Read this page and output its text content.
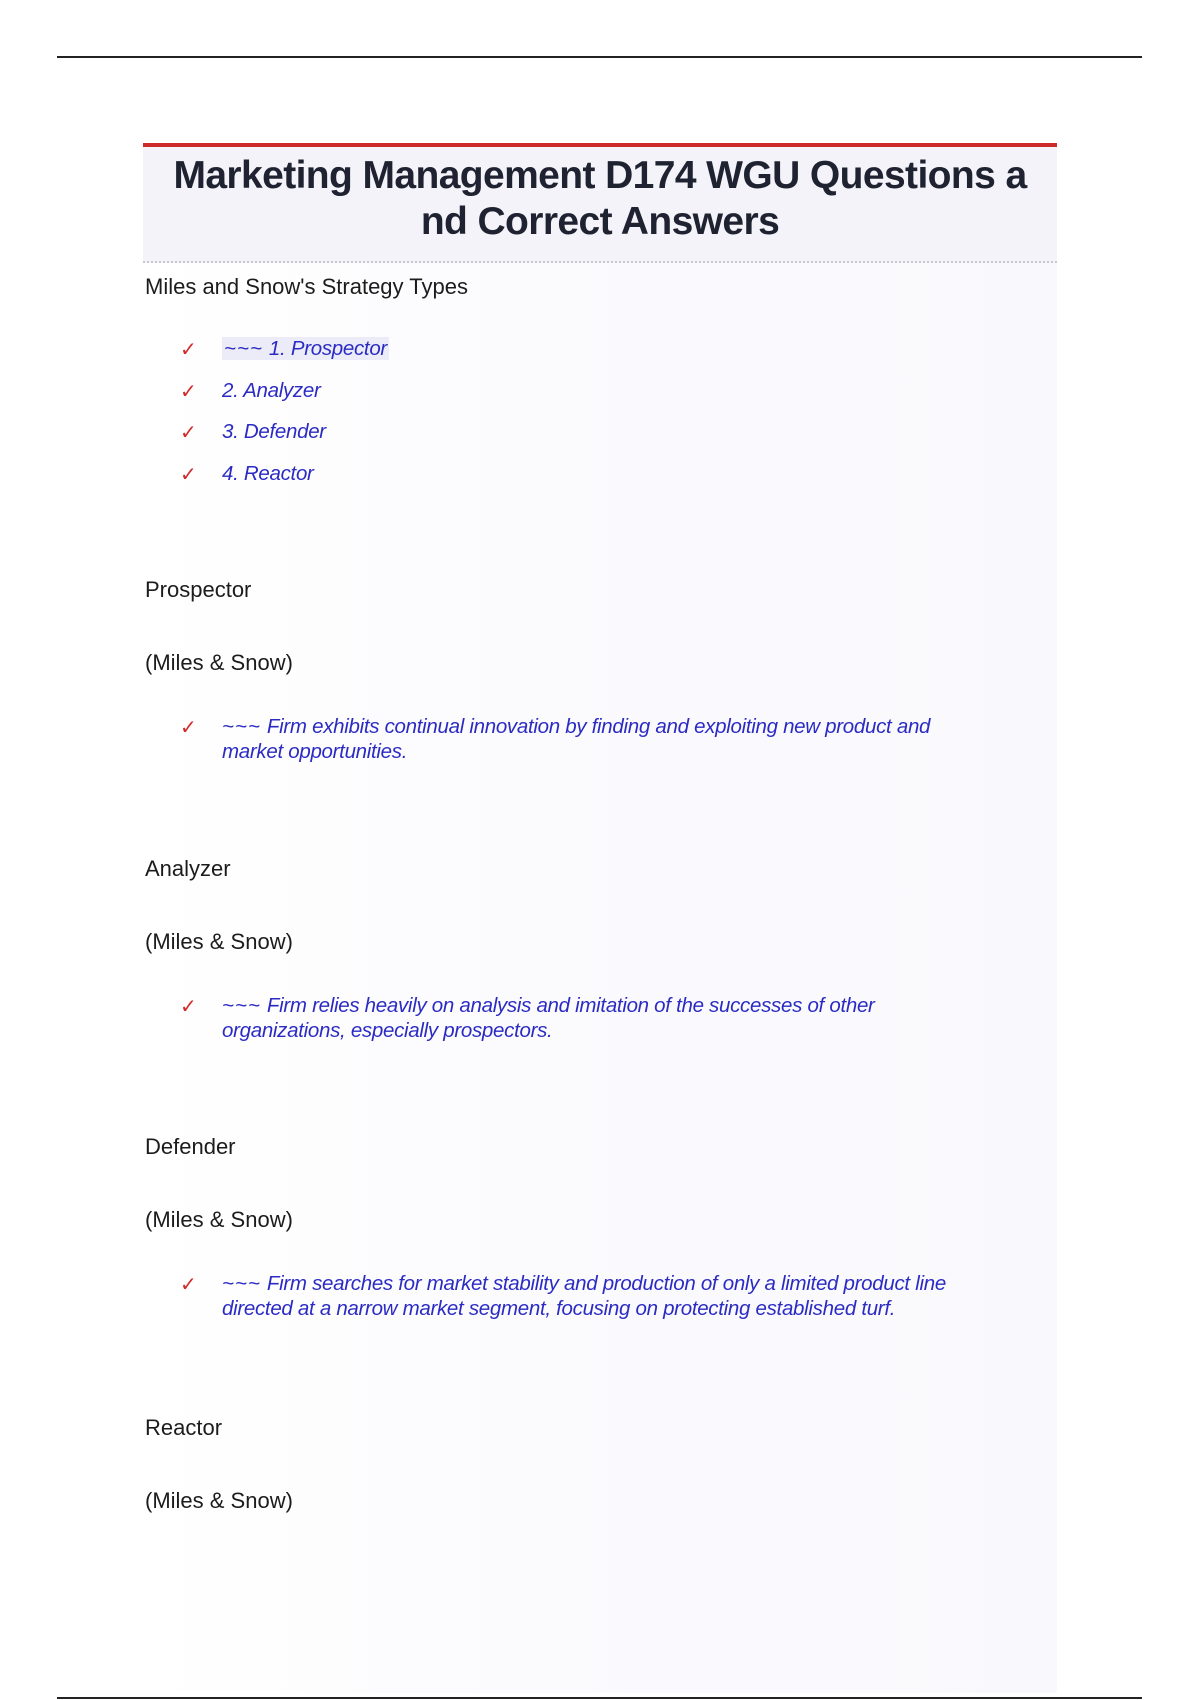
Marketing Management D174 WGU Questions a
nd Correct Answers

Miles and Snow's Strategy Types

✓ ~~~ 1. Prospector
✓ 2. Analyzer
✓ 3. Defender
✓ 4. Reactor

Prospector

(Miles & Snow)

✓ ~~~ Firm exhibits continual innovation by finding and exploiting new product and
market opportunities.

Analyzer

(Miles & Snow)

✓ ~~~ Firm relies heavily on analysis and imitation of the successes of other
organizations, especially prospectors.

Defender

(Miles & Snow)

✓ ~~~ Firm searches for market stability and production of only a limited product line
directed at a narrow market segment, focusing on protecting established turf.

Reactor

(Miles & Snow)
